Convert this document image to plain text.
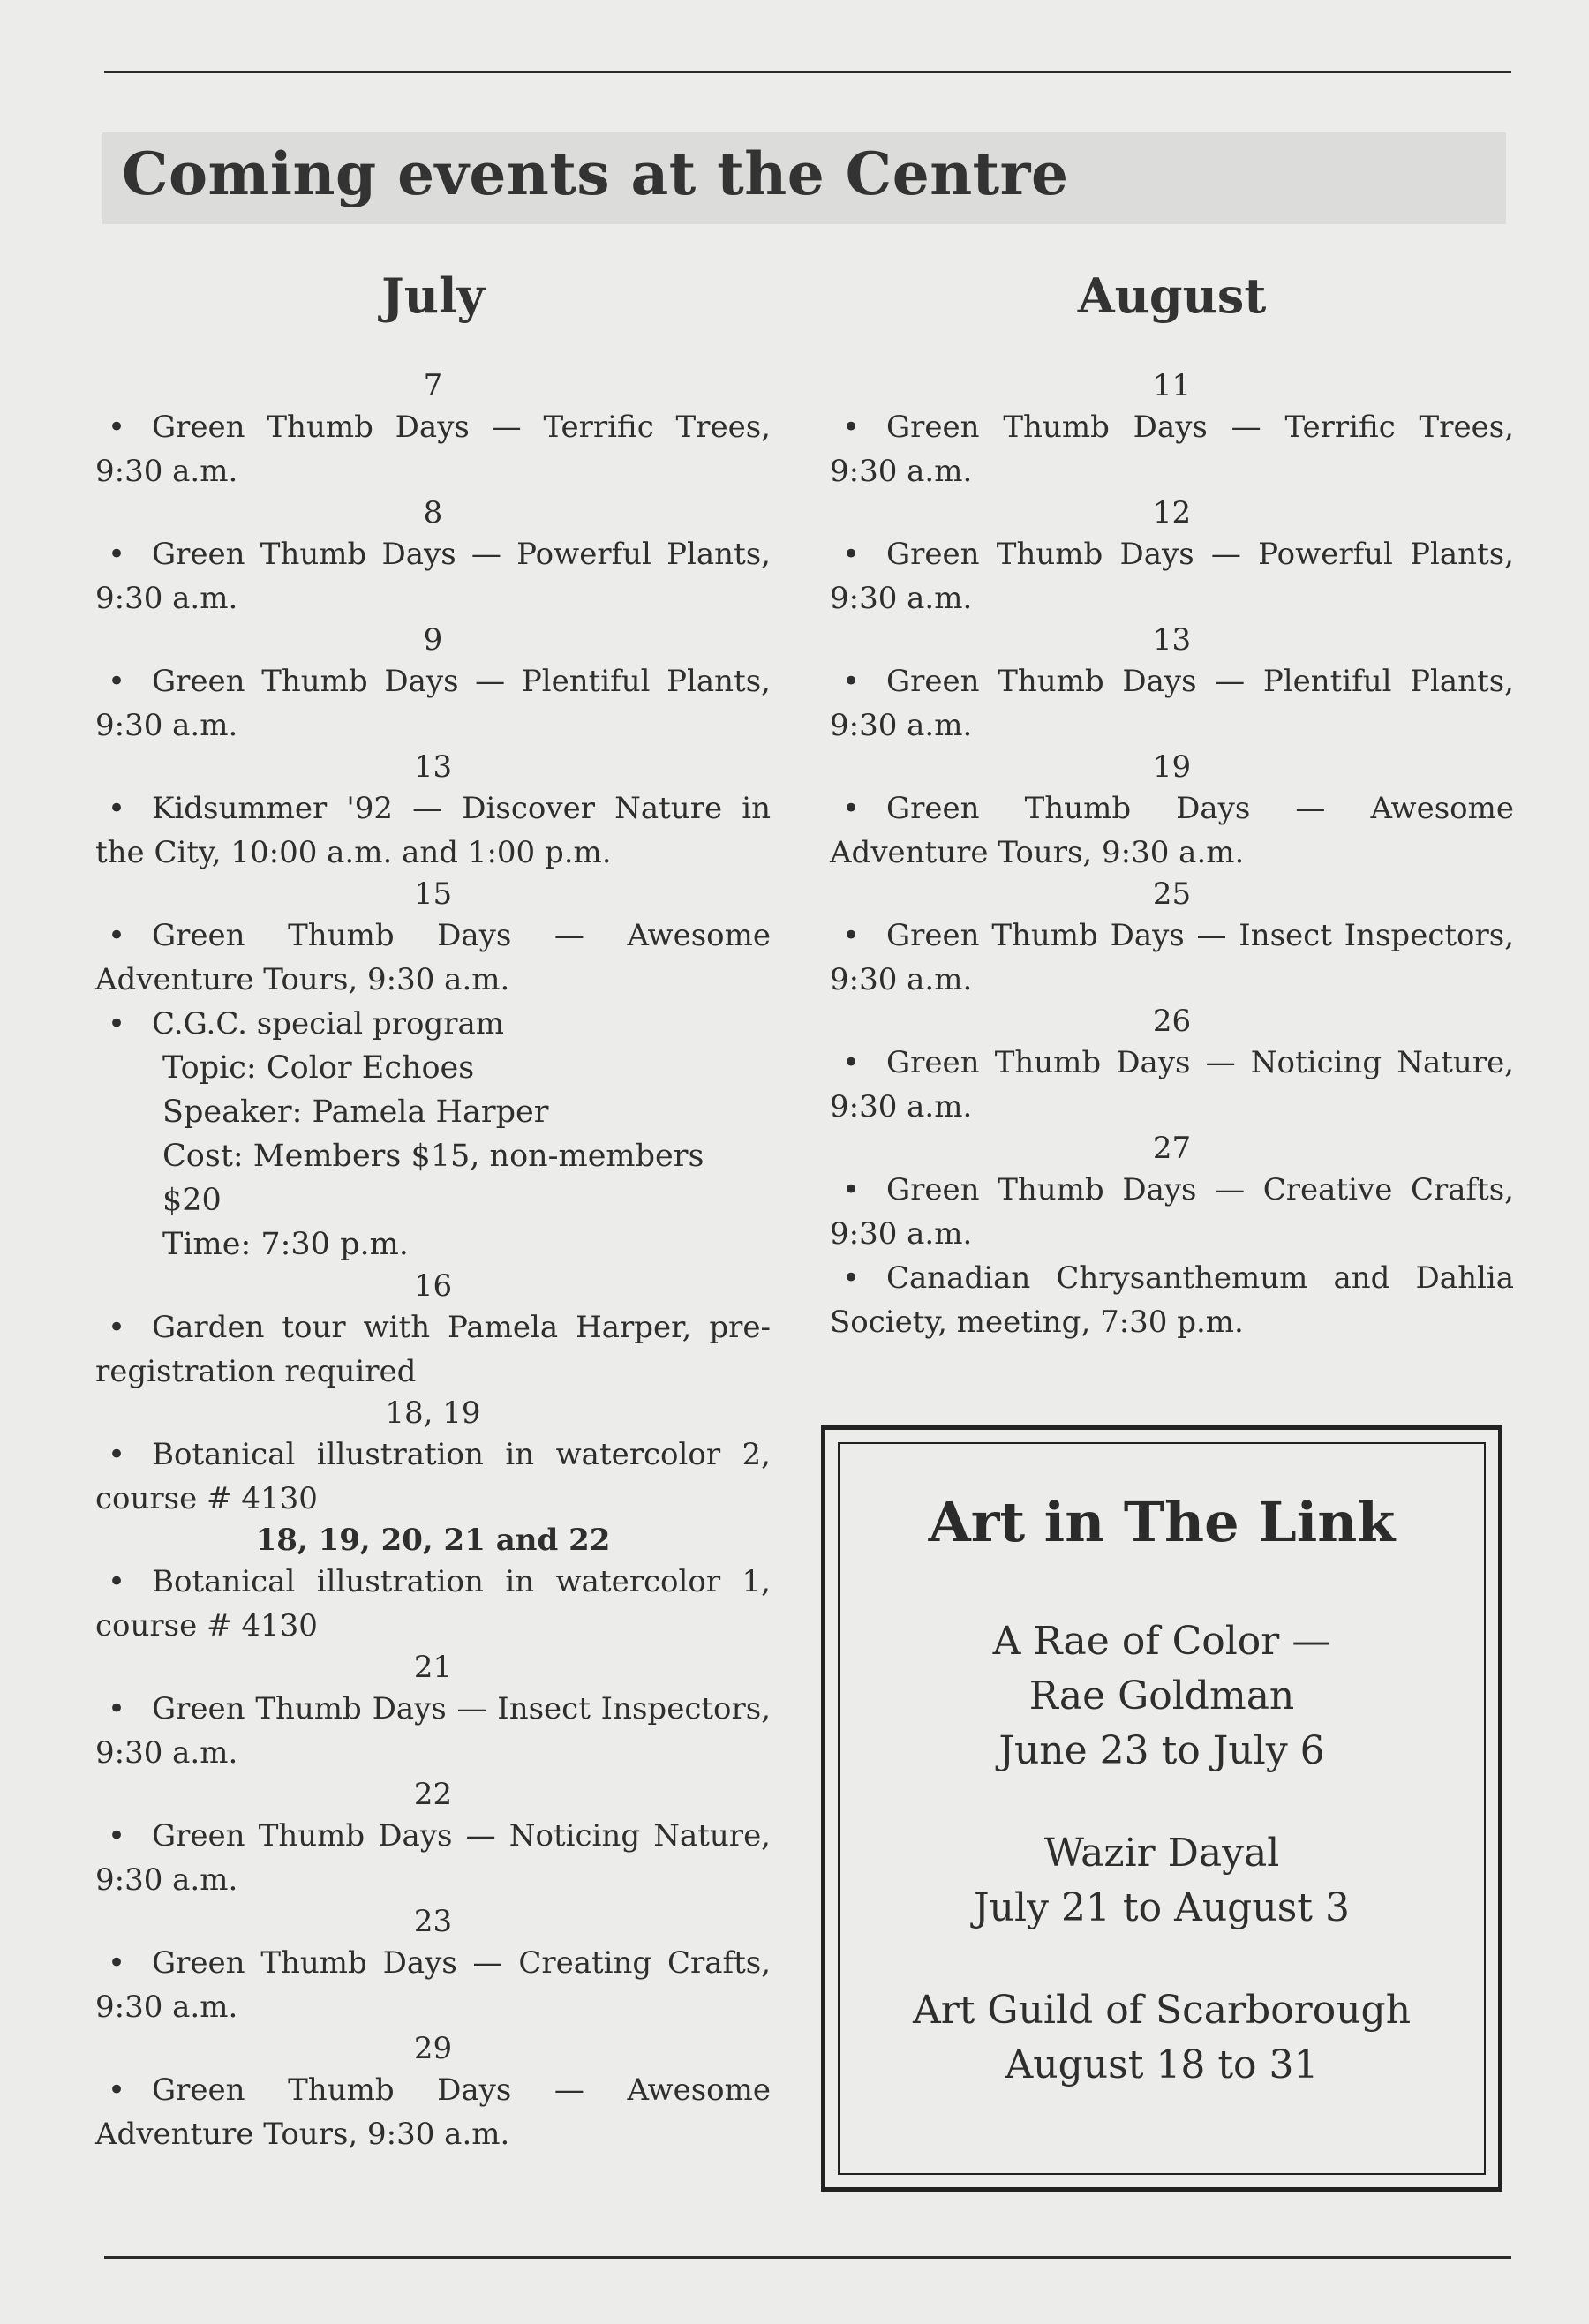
Coming events at the Centre
July
7
• Green Thumb Days — Terrific Trees, 9:30 a.m.
8
• Green Thumb Days — Powerful Plants, 9:30 a.m.
9
• Green Thumb Days — Plentiful Plants, 9:30 a.m.
13
• Kidsummer '92 — Discover Nature in the City, 10:00 a.m. and 1:00 p.m.
15
• Green Thumb Days — Awesome Adventure Tours, 9:30 a.m.
• C.G.C. special program
Topic: Color Echoes
Speaker: Pamela Harper
Cost: Members $15, non-members $20
Time: 7:30 p.m.
16
• Garden tour with Pamela Harper, pre-registration required
18, 19
• Botanical illustration in watercolor 2, course # 4130
18, 19, 20, 21 and 22
• Botanical illustration in watercolor 1, course # 4130
21
• Green Thumb Days — Insect Inspectors, 9:30 a.m.
22
• Green Thumb Days — Noticing Nature, 9:30 a.m.
23
• Green Thumb Days — Creating Crafts, 9:30 a.m.
29
• Green Thumb Days — Awesome Adventure Tours, 9:30 a.m.
August
11
• Green Thumb Days — Terrific Trees, 9:30 a.m.
12
• Green Thumb Days — Powerful Plants, 9:30 a.m.
13
• Green Thumb Days — Plentiful Plants, 9:30 a.m.
19
• Green Thumb Days — Awesome Adventure Tours, 9:30 a.m.
25
• Green Thumb Days — Insect Inspectors, 9:30 a.m.
26
• Green Thumb Days — Noticing Nature, 9:30 a.m.
27
• Green Thumb Days — Creative Crafts, 9:30 a.m.
• Canadian Chrysanthemum and Dahlia Society, meeting, 7:30 p.m.
Art in The Link
A Rae of Color —
Rae Goldman
June 23 to July 6
Wazir Dayal
July 21 to August 3
Art Guild of Scarborough
August 18 to 31
